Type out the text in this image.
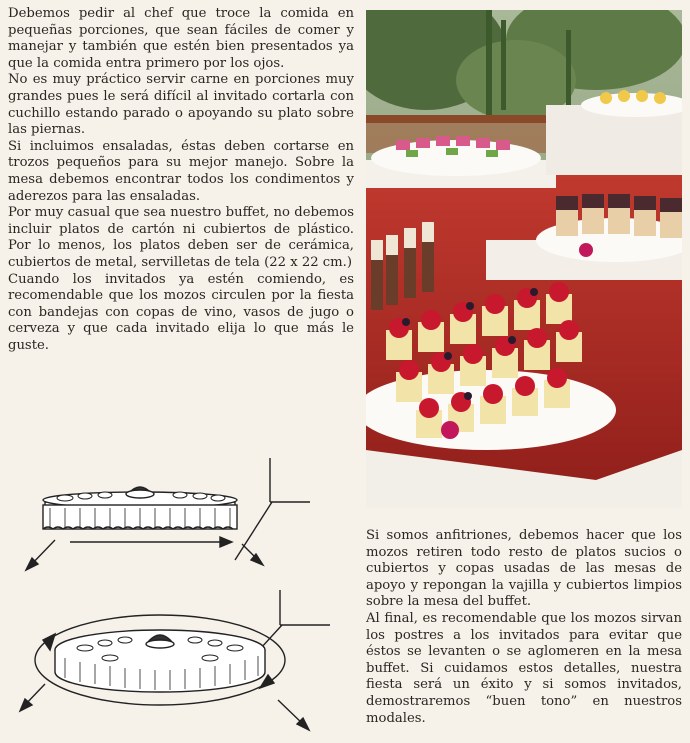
Debemos pedir al chef que troce la comida en pequeñas porciones, que sean fáciles de comer y manejar y también que estén bien presentados ya que la comida entra primero por los ojos.

No es muy práctico servir carne en porciones muy grandes pues le será difícil al invitado cortarla con cuchillo estando parado o apoyando su plato sobre las piernas.

Si incluimos ensaladas, éstas deben cortarse en trozos pequeños para su mejor manejo. Sobre la mesa debemos encontrar todos los condimentos y aderezos para las ensaladas.

Por muy casual que sea nuestro buffet, no debemos incluir platos de cartón ni cubiertos de plástico. Por lo menos, los platos deben ser de cerámica, cubiertos de metal, servilletas de tela (22 x 22 cm.)

Cuando los invitados ya estén comiendo, es recomendable que los mozos circulen por la fiesta con bandejas con copas de vino, vasos de jugo o cerveza y que cada invitado elija lo que más le guste.

Si somos anfitriones, debemos hacer que los mozos retiren todo resto de platos sucios o cubiertos y copas usadas de las mesas de apoyo y repongan la vajilla y cubiertos limpios sobre la mesa del buffet.

Al final, es recomendable que los mozos sirvan los postres a los invitados para evitar que éstos se levanten o se aglomeren en la mesa buffet. Si cuidamos estos detalles, nuestra fiesta será un éxito y si somos invitados, demostraremos “buen tono” en nuestros modales.
